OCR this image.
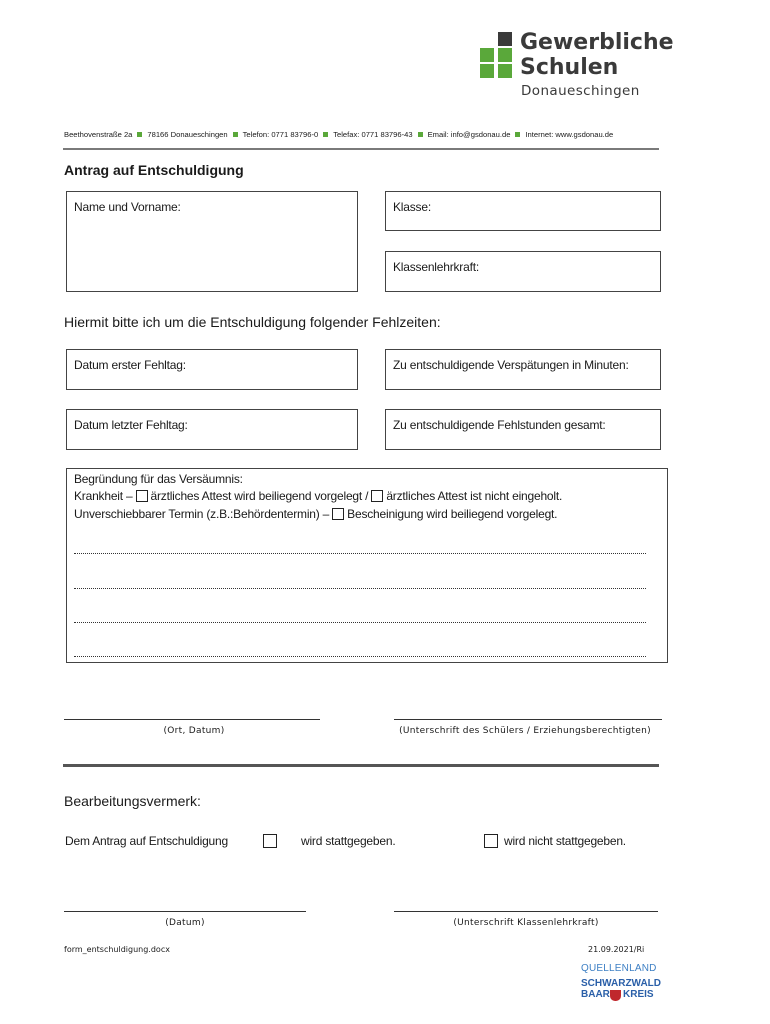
Gewerbliche
Schulen
Donaueschingen
Beethovenstraße 2a 78166 Donaueschingen Telefon: 0771 83796-0 Telefax: 0771 83796-43 Email: info@gsdonau.de Internet: www.gsdonau.de
Antrag auf Entschuldigung
Name und Vorname:	Klasse:
Klassenlehrkraft:
Hiermit bitte ich um die Entschuldigung folgender Fehlzeiten:
Datum erster Fehltag:	Zu entschuldigende Verspätungen in Minuten:
Datum letzter Fehltag:	Zu entschuldigende Fehlstunden gesamt:
Begründung für das Versäumnis:
Krankheit – ärztliches Attest wird beiliegend vorgelegt / ärztliches Attest ist nicht eingeholt.
Unverschiebbarer Termin (z.B.:Behördentermin) – Bescheinigung wird beiliegend vorgelegt.
(Ort, Datum)	(Unterschrift des Schülers / Erziehungsberechtigten)
Bearbeitungsvermerk:
Dem Antrag auf Entschuldigung	wird stattgegeben.	wird nicht stattgegeben.
(Datum)	(Unterschrift Klassenlehrkraft)
form_entschuldigung.docx	21.09.2021/Ri
QUELLENLAND
SCHWARZWALD
BAAR KREIS
